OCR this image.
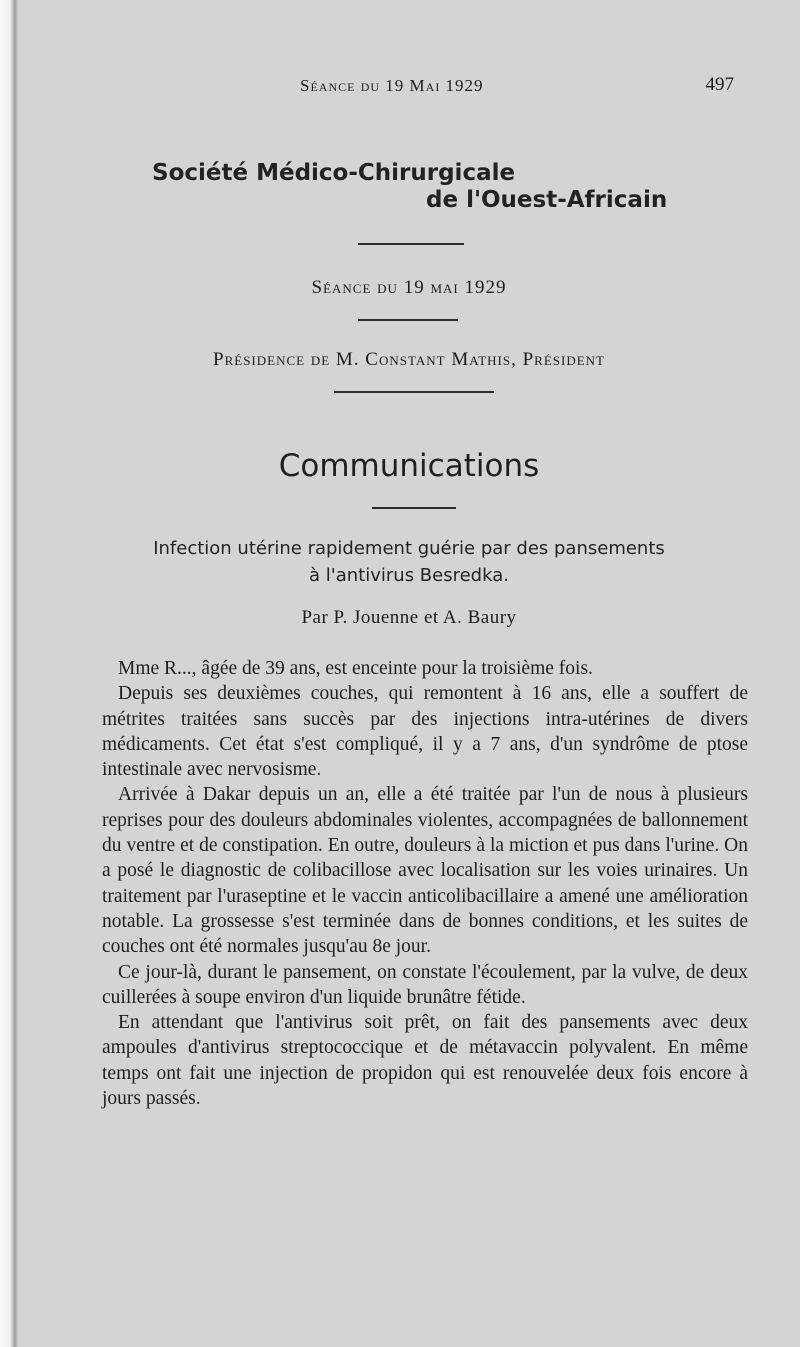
Séance du 19 Mai 1929	497
Société Médico-Chirurgicale
de l'Ouest-Africain
Séance du 19 mai 1929
Présidence de M. Constant Mathis, Président
Communications
Infection utérine rapidement guérie par des pansements
à l'antivirus Besredka.
Par P. Jouenne et A. Baury

Mme R..., âgée de 39 ans, est enceinte pour la troisième fois.

Depuis ses deuxièmes couches, qui remontent à 16 ans, elle a souffert de métrites traitées sans succès par des injections intra-utérines de divers médicaments. Cet état s'est compliqué, il y a 7 ans, d'un syndrôme de ptose intestinale avec nervosisme.

Arrivée à Dakar depuis un an, elle a été traitée par l'un de nous à plusieurs reprises pour des douleurs abdominales violentes, accompagnées de ballonnement du ventre et de constipation. En outre, douleurs à la miction et pus dans l'urine. On a posé le diagnostic de colibacillose avec localisation sur les voies urinaires. Un traitement par l'uraseptine et le vaccin anticolibacillaire a amené une amélioration notable. La grossesse s'est terminée dans de bonnes conditions, et les suites de couches ont été normales jusqu'au 8e jour.

Ce jour-là, durant le pansement, on constate l'écoulement, par la vulve, de deux cuillerées à soupe environ d'un liquide brunâtre fétide.

En attendant que l'antivirus soit prêt, on fait des pansements avec deux ampoules d'antivirus streptococcique et de métavaccin polyvalent. En même temps ont fait une injection de propidon qui est renouvelée deux fois encore à jours passés.
